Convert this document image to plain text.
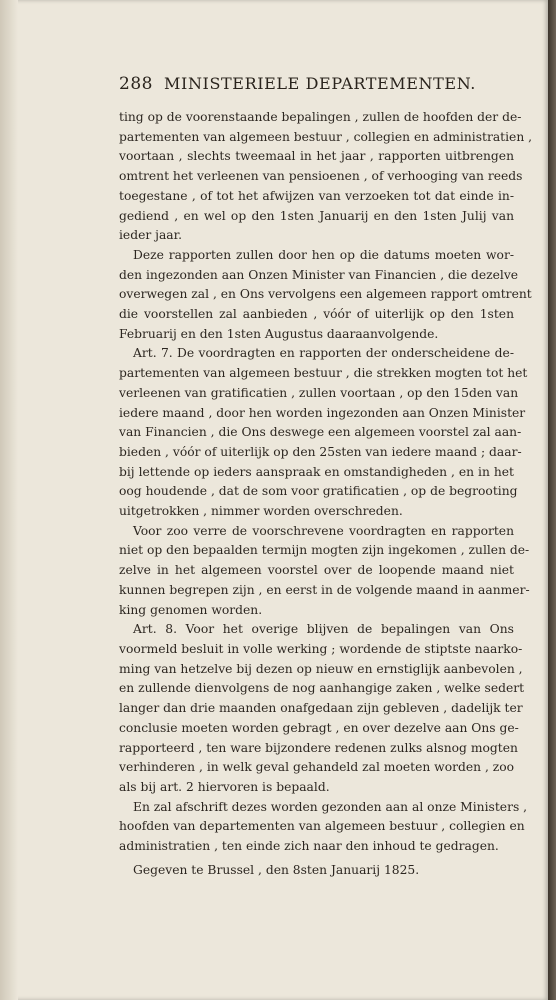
288 MINISTERIELE DEPARTEMENTEN.

ting op de voorenstaande bepalingen , zullen de hoofden der de-
partementen van algemeen bestuur , collegien en administratien ,
voortaan , slechts tweemaal in het jaar , rapporten uitbrengen
omtrent het verleenen van pensioenen , of verhooging van reeds
toegestane , of tot het afwijzen van verzoeken tot dat einde in-
gediend , en wel op den 1sten Januarij en den 1sten Julij van
ieder jaar.

Deze rapporten zullen door hen op die datums moeten wor-
den ingezonden aan Onzen Minister van Financien , die dezelve
overwegen zal , en Ons vervolgens een algemeen rapport omtrent
die voorstellen zal aanbieden , vóór of uiterlijk op den 1sten
Februarij en den 1sten Augustus daaraanvolgende.

Art. 7. De voordragten en rapporten der onderscheidene de-
partementen van algemeen bestuur , die strekken mogten tot het
verleenen van gratificatien , zullen voortaan , op den 15den van
iedere maand , door hen worden ingezonden aan Onzen Minister
van Financien , die Ons deswege een algemeen voorstel zal aan-
bieden , vóór of uiterlijk op den 25sten van iedere maand ; daar-
bij lettende op ieders aanspraak en omstandigheden , en in het
oog houdende , dat de som voor gratificatien , op de begrooting
uitgetrokken , nimmer worden overschreden.

Voor zoo verre de voorschrevene voordragten en rapporten
niet op den bepaalden termijn mogten zijn ingekomen , zullen de-
zelve in het algemeen voorstel over de loopende maand niet
kunnen begrepen zijn , en eerst in de volgende maand in aanmer-
king genomen worden.

Art. 8. Voor het overige blijven de bepalingen van Ons
voormeld besluit in volle werking ; wordende de stiptste naarko-
ming van hetzelve bij dezen op nieuw en ernstiglijk aanbevolen ,
en zullende dienvolgens de nog aanhangige zaken , welke sedert
langer dan drie maanden onafgedaan zijn gebleven , dadelijk ter
conclusie moeten worden gebragt , en over dezelve aan Ons ge-
rapporteerd , ten ware bijzondere redenen zulks alsnog mogten
verhinderen , in welk geval gehandeld zal moeten worden , zoo
als bij art. 2 hiervoren is bepaald.

En zal afschrift dezes worden gezonden aan al onze Ministers ,
hoofden van departementen van algemeen bestuur , collegien en
administratien , ten einde zich naar den inhoud te gedragen.

Gegeven te Brussel , den 8sten Januarij 1825.
